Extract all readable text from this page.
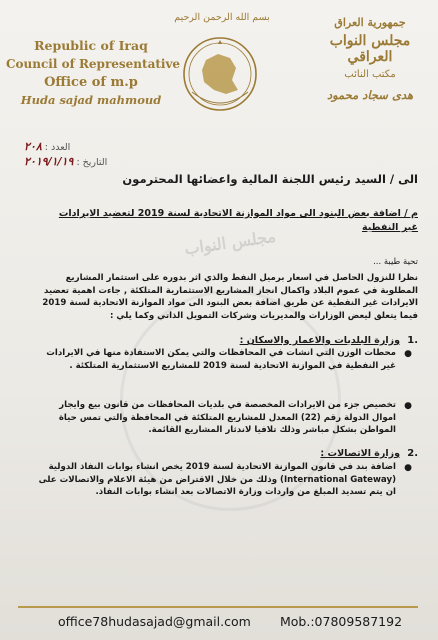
مجلس النواب
بسم الله الرحمن الرحيم
Republic of Iraq
Council of Representative
Office of m.p
Huda sajad mahmoud
جمهورية العراق
مجلس النواب العراقي
مكتب النائب
هدى سجاد محمود
العدد : ٢٠٨
التاريخ : ٢٠١٩/١/١٩
الى / السيد رئيس اللجنة المالية واعضائها المحترمون
م / اضافة بعض البنود الى مواد الموازنة الاتحادية لسنة 2019 لتعضيد الايرادات غير النفطية
تحية طيبة ...
نظرا للنزول الحاصل في اسعار برميل النفط والذي اثر بدوره على استثمار المشاريع المطلوبة في عموم البلاد واكمال انجاز المشاريع الاستثمارية المتلكئة , جاءت اهمية تعضيد الايرادات غير النفطية عن طريق اضافة بعض البنود الى مواد الموازنة الاتحادية لسنة 2019 فيما يتعلق ليعض الوزارات والمديريات وشركات التمويل الذاتي وكما يلي :
1.
وزارة البلديات والاعمار والاسكان :
●
محطات الوزن التي انشات في المحافظات والتي يمكن الاستفادة منها في الايرادات غير النفطية في الموازنة الاتحادية لسنة 2019 للمشاريع الاستثمارية المتلكئة .
●
تخصيص جزء من الايرادات المخصصة في بلديات المحافظات من قانون بيع وايجار اموال الدولة رقم (22) المعدل للمشاريع المتلكئة في المحافظة والتي تمس حياة المواطن بشكل مباشر وذلك تلافيا لاندثار المشاريع القائمة.
2.
وزارة الاتصالات :
●
اضافة بند في قانون الموازنة الاتحادية لسنة 2019 يخص انشاء بوابات النفاذ الدولية (International Gateway) وذلك من خلال الاقتراض من هيئة الاعلام والاتصالات على ان يتم تسديد المبلغ من واردات وزارة الاتصالات بعد انشاء بوابات النفاذ.
office78hudasajad@gmail.com Mob.:07809587192
